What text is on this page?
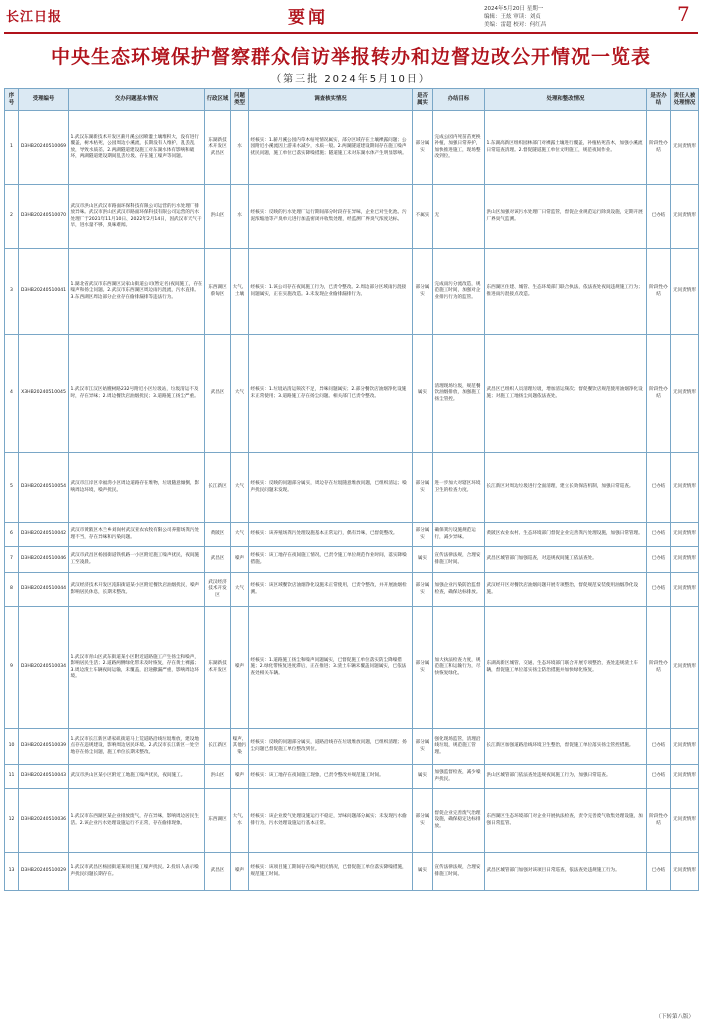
长江日报	要闻	2024年5月20日 星期一
编辑：王炫 审读：刘贞
美编：雷超 校对：何红昌	7
中央生态环境保护督察群众信访举报转办和边督边改公开情况一览表
（第三批 2024年5月10日）
序号	受理编号	交办问题基本情况	行政区域	问题类型	调查核实情况	是否属实	办结目标	处理和整改情况	是否办结	责任人被处理情况
1	D3HB20240510069	1.武汉东湖新技术开发区薪月溪公园喷灌土壤堆积大，没有进行覆盖，树木枯死，公园周边小溪流，长期没有人维护，乱丢乱放，导致水质差。2.两湖隧道建设施工对东湖水体有影响和破坏，两湖隧道建设期间乱丢垃圾、存在施工噪声等问题。	东湖新技术开发区武昌区	水	经核实：1.薪月溪公园内草木枯死情况属实，部分区域存在土壤裸露问题；公园附近小溪流因上游来水减少，水质一般。2.两湖隧道建设期间存在施工噪声扰民问题，施工单位已落实降噪措施；隧道施工未对东湖水体产生明显影响。	部分属实	完成公园内死苗苗更换补植，加强日常养护，加快推进施工，现场整改到位。	1.东湖高新区组织园林部门对裸露土壤进行覆盖，补植枯死苗木，加强小溪流日常巡查清理。2.督促隧道施工单位文明施工，规范夜间作业。	阶段性办结	无问责情形
2	D3HB20240510070	武汉市洪山区武汉市路面环保科技有限公司运营的污水处理厂排放异味。武汉市洪山区武汉市路面环保科技有限公司运营的污水处理厂于2021年11月10日、2022年2月14日，因武汉市天气干旱，进水量不够，臭味难闻。	洪山区	水	经核实：反映的污水处理厂运行期间部分时段存在异味，企业已对生化池、污泥浓缩池等产臭单元进行加盖密闭并收集处理，经监测厂界臭气浓度达标。	不属实	无	洪山区加强对该污水处理厂日常监管，督促企业规范运行除臭设施，定期开展厂界臭气监测。	已办结	无问责情形
3	D3HB20240510041	1.湖北省武汉市东西湖区吴家山街道公司(暂定名)夜间施工，存在噪声和扬尘问题。2.武汉市东西湖区周边雨污混流，污水直排。3.东西湖区周边部分企业存在偷排漏排等违法行为。	东西湖区蔡甸区	大气、土壤	经核实：1.该公司存在夜间施工行为，已责令整改。2.周边部分区域雨污混接问题属实，正在实施改造。3.未发现企业偷排漏排行为。	部分属实	完成雨污分流改造，规范施工时间，加强对企业排污行为的监管。	东西湖区住建、城管、生态环境部门联合执法，依法查处夜间违规施工行为；推进雨污混接点改造。	阶段性办结	无问责情形
4	X3HB20240510045	1.武汉市江汉区姑嫂树路232号附近小区垃圾站，垃圾清运不及时，存在异味；2.周边餐饮店油烟扰民；3.道路施工扬尘严重。	武昌区	大气	经核实：1.垃圾站清运频次不足，异味问题属实；2.部分餐饮店油烟净化设施未正常使用；3.道路施工存在扬尘问题。相关部门已责令整改。	属实	清理现场垃圾，规范餐饮油烟排放，加强施工扬尘管控。	武昌区已组织人员清理垃圾，增加清运频次；督促餐饮店规范使用油烟净化设施；对施工工地扬尘问题依法查处。	阶段性办结	无问责情形
5	D3HB20240510054	武汉市江岸区幸福湾小区周边道路存在堆物，垃圾随意倾倒，影响周边环境，噪声扰民。	长江新区	大气	经核实：反映的问题部分属实，周边存在垃圾随意堆放问题，已组织清运；噪声扰民问题未发现。	部分属实	进一步加大对辖区环境卫生的检查力度。	长江新区对周边垃圾进行全面清理，建立长效保洁机制，加强日常巡查。	已办结	无问责情形
6	D3HB20240510042	武汉市黄陂区木兰乡刘岗村武汉亚农农牧有限公司养猪场粪污处理不当，存在异味和污染问题。	黄陂区	大气	经核实：该养殖场粪污处理设施基本正常运行，偶有异味，已督促整改。	部分属实	确保粪污设施规范运行，减少异味。	黄陂区农业农村、生态环境部门督促企业完善粪污处理设施，加强日常管理。	已办结	无问责情形
7	D3HB20240510046	武汉市武昌区杨园街道铁机路一小区附近施工噪声扰民，夜间施工至凌晨。	武昌区	噪声	经核实：该工地存在夜间施工情况，已责令施工单位规范作业时间，落实降噪措施。	属实	宣传法律法规，合理安排施工时间。	武昌区城管部门加强巡查，对违规夜间施工依法查处。	已办结	无问责情形
8	D3HB20240510044	武汉经济技术开发区沌阳街道某小区附近餐饮店油烟扰民，噪声影响居民休息，长期未整改。	武汉经济技术开发区	大气	经核实：该区域餐饮店油烟净化设施未正常使用，已责令整改，并开展油烟检测。	部分属实	加强企业污染防治监督检查，确保达标排放。	武汉经开区对餐饮店油烟问题开展专项整治，督促规范安装使用油烟净化设施。	已办结	无问责情形
9	D3HB20240510034	1.武汉市青山区武东街道某小区附近道路施工产生扬尘和噪声，影响居民生活；2.道路两侧绿化带未及时恢复，存在黄土裸露；3.周边渣土车辆夜间运输，未覆盖，沿途撒漏严重，影响周边环境。	东湖新技术开发区	噪声	经核实：1.道路施工扬尘和噪声问题属实，已督促施工单位落实防尘降噪措施；2.绿化带恢复进度滞后，正在推进；3.渣土车辆未覆盖问题属实，已依法查处相关车辆。	部分属实	加大执法检查力度，规范施工和运输行为，尽快恢复绿化。	东湖高新区城管、交通、生态环境部门联合开展专项整治，查处违规渣土车辆，督促施工单位落实扬尘防治措施并加快绿化恢复。	阶段性办结	无问责情形
10	D3HB20240510039	1.武汉市长江新区谌家矶街道马上荒道路沿线垃圾堆放，建设地点存在违规建设，影响周边居民环境。2.武汉市长江新区一处空地存在扬尘问题，施工单位长期未整改。	长江新区	噪声、其他污染	经核实：反映的问题部分属实，道路沿线存在垃圾堆放问题，已组织清理；扬尘问题已督促施工单位整改到位。	部分属实	强化现场监管，清理沿线垃圾，规范施工管理。	长江新区加强道路沿线环境卫生整治，督促施工单位落实扬尘管控措施。	已办结	无问责情形
11	D3HB20240510043	武汉市洪山区某小区附近工地施工噪声扰民，夜间施工。	洪山区	噪声	经核实：该工地存在夜间施工现象，已责令整改并规范施工时间。	属实	加强监督检查，减少噪声扰民。	洪山区城管部门依法查处违规夜间施工行为，加强日常巡查。	已办结	无问责情形
12	D3HB20240510036	1.武汉市东西湖区某企业排放废气，存在异味，影响周边居民生活。2.该企业污水处理设施运行不正常，存在偷排现象。	东西湖区	大气、水	经核实：该企业废气处理设施运行不稳定，异味问题部分属实；未发现污水偷排行为，污水处理设施运行基本正常。	部分属实	督促企业完善废气治理设施，确保稳定达标排放。	东西湖区生态环境部门对企业开展执法检查，责令完善废气收集处理设施，加强日常监管。	阶段性办结	无问责情形
13	D3HB20240510029	1.武汉市武昌区杨园街道某项目施工噪声扰民。2.投诉人表示噪声扰民问题长期存在。	武昌区	噪声	经核实：该项目施工期间存在噪声扰民情况，已督促施工单位落实降噪措施，规范施工时间。	属实	宣传法律法规，合理安排施工时间。	武昌区城管部门加强对该项目日常巡查，依法查处违规施工行为。	已办结	无问责情形
（下转第八版）
